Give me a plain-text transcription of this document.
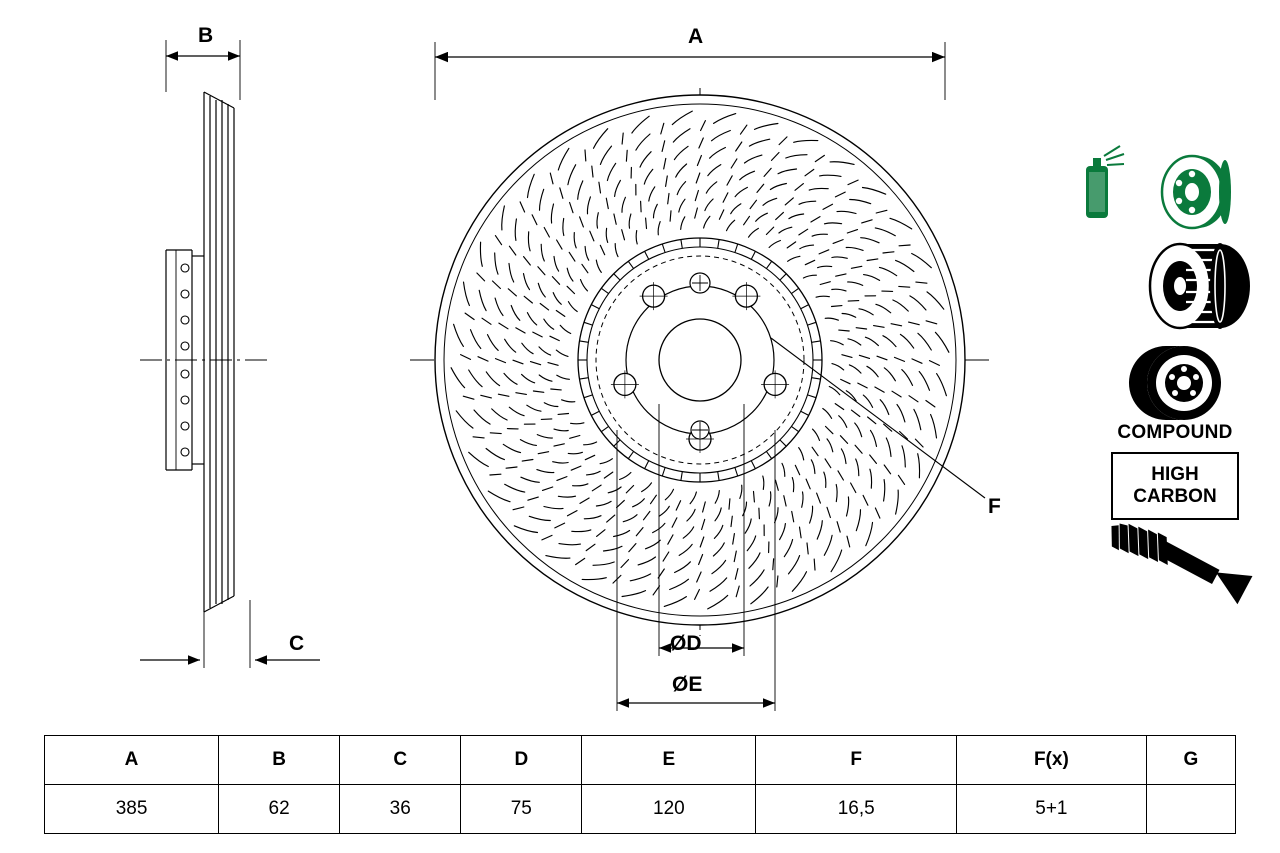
B	A
C	ØD
ØE
F
COMPOUND
HIGH
CARBON
A	B	C	D	E	F	F(x)	G
385	62	36	75	120	16,5	5+1	
